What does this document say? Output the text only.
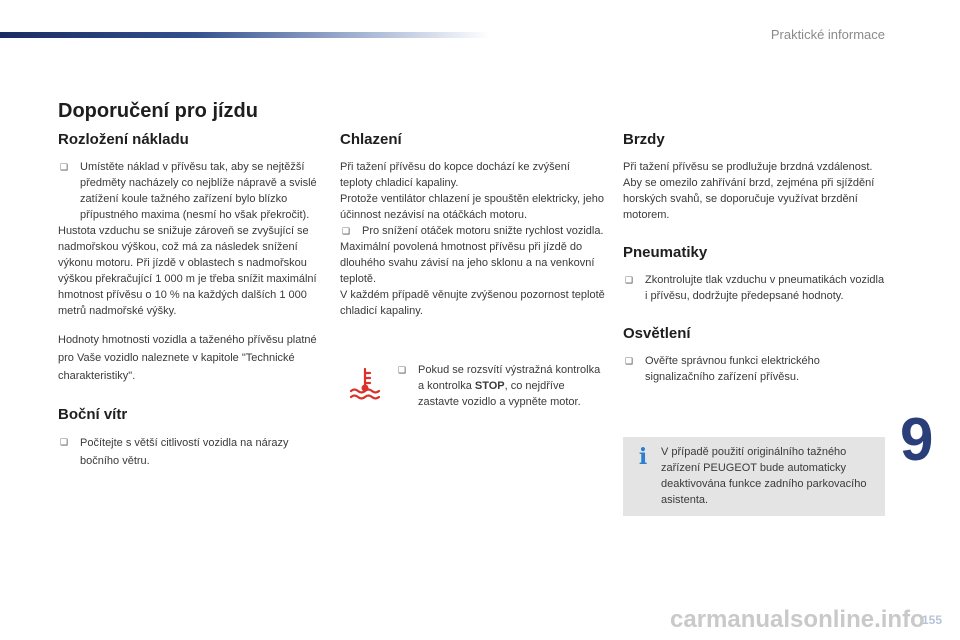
Praktické informace
Doporučení pro jízdu
Rozložení nákladu
❑ Umístěte náklad v přívěsu tak, aby se nejtěžší předměty nacházely co nejblíže nápravě a svislé zatížení koule tažného zařízení bylo blízko přípustného maxima (nesmí ho však překročit).

Hustota vzduchu se snižuje zároveň se zvyšující se nadmořskou výškou, což má za následek snížení výkonu motoru. Při jízdě v oblastech s nadmořskou výškou překračující 1 000 m je třeba snížit maximální hmotnost přívěsu o 10 % na každých dalších 1 000 metrů nadmořské výšky.

Hodnoty hmotnosti vozidla a taženého přívěsu platné pro Vaše vozidlo naleznete v kapitole "Technické charakteristiky".

Boční vítr
❑ Počítejte s větší citlivostí vozidla na nárazy bočního větru.

Chlazení

Při tažení přívěsu do kopce dochází ke zvýšení teploty chladicí kapaliny.

Protože ventilátor chlazení je spouštěn elektricky, jeho účinnost nezávisí na otáčkách motoru.

❑ Pro snížení otáček motoru snižte rychlost vozidla.

Maximální povolená hmotnost přívěsu při jízdě do dlouhého svahu závisí na jeho sklonu a na venkovní teplotě.

V každém případě věnujte zvýšenou pozornost teplotě chladicí kapaliny.

❑ Pokud se rozsvítí výstražná kontrolka a kontrolka STOP, co nejdříve zastavte vozidlo a vypněte motor.

Brzdy

Při tažení přívěsu se prodlužuje brzdná vzdálenost.

Aby se omezilo zahřívání brzd, zejména při sjíždění horských svahů, se doporučuje využívat brzdění motorem.

Pneumatiky
❑ Zkontrolujte tlak vzduchu v pneumatikách vozidla i přívěsu, dodržujte předepsané hodnoty.

Osvětlení
❑ Ověřte správnou funkci elektrického signalizačního zařízení přívěsu.

i	V případě použití originálního tažného zařízení PEUGEOT bude automaticky deaktivována funkce zadního parkovacího asistenta.

9
carmanualsonline.info
155
